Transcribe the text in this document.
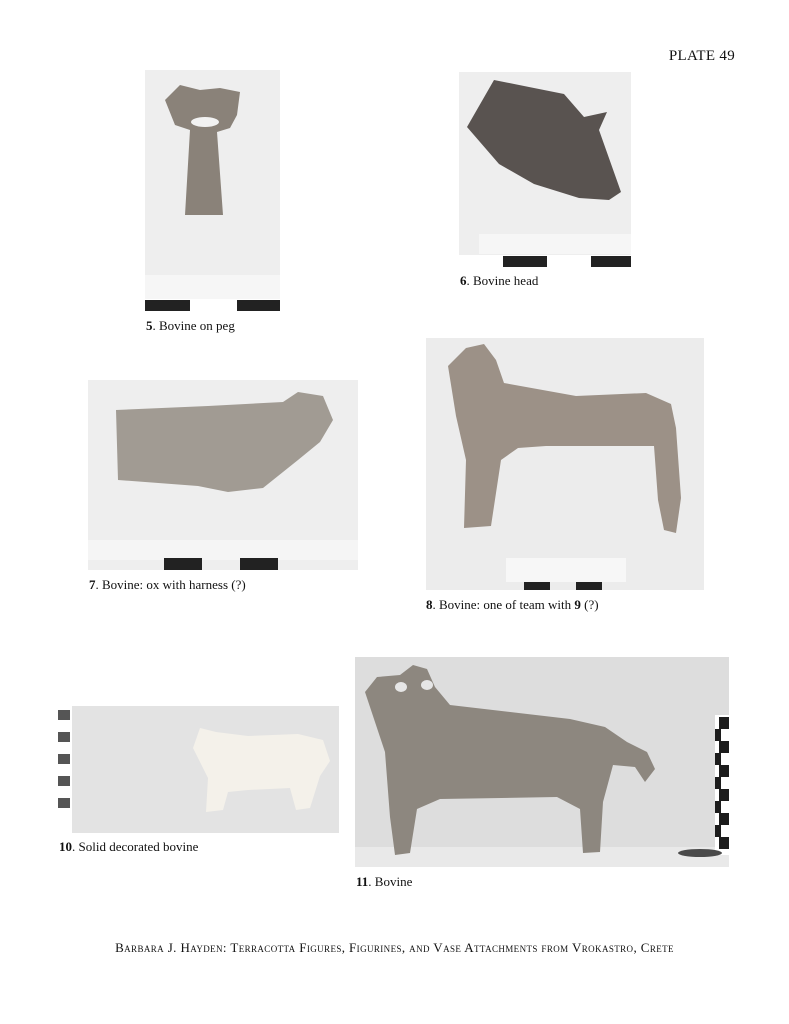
PLATE 49
5. Bovine on peg
6. Bovine head
7. Bovine: ox with harness (?)
8. Bovine: one of team with 9 (?)
10. Solid decorated bovine
11. Bovine
Barbara J. Hayden: Terracotta Figures, Figurines, and Vase Attachments from Vrokastro, Crete
